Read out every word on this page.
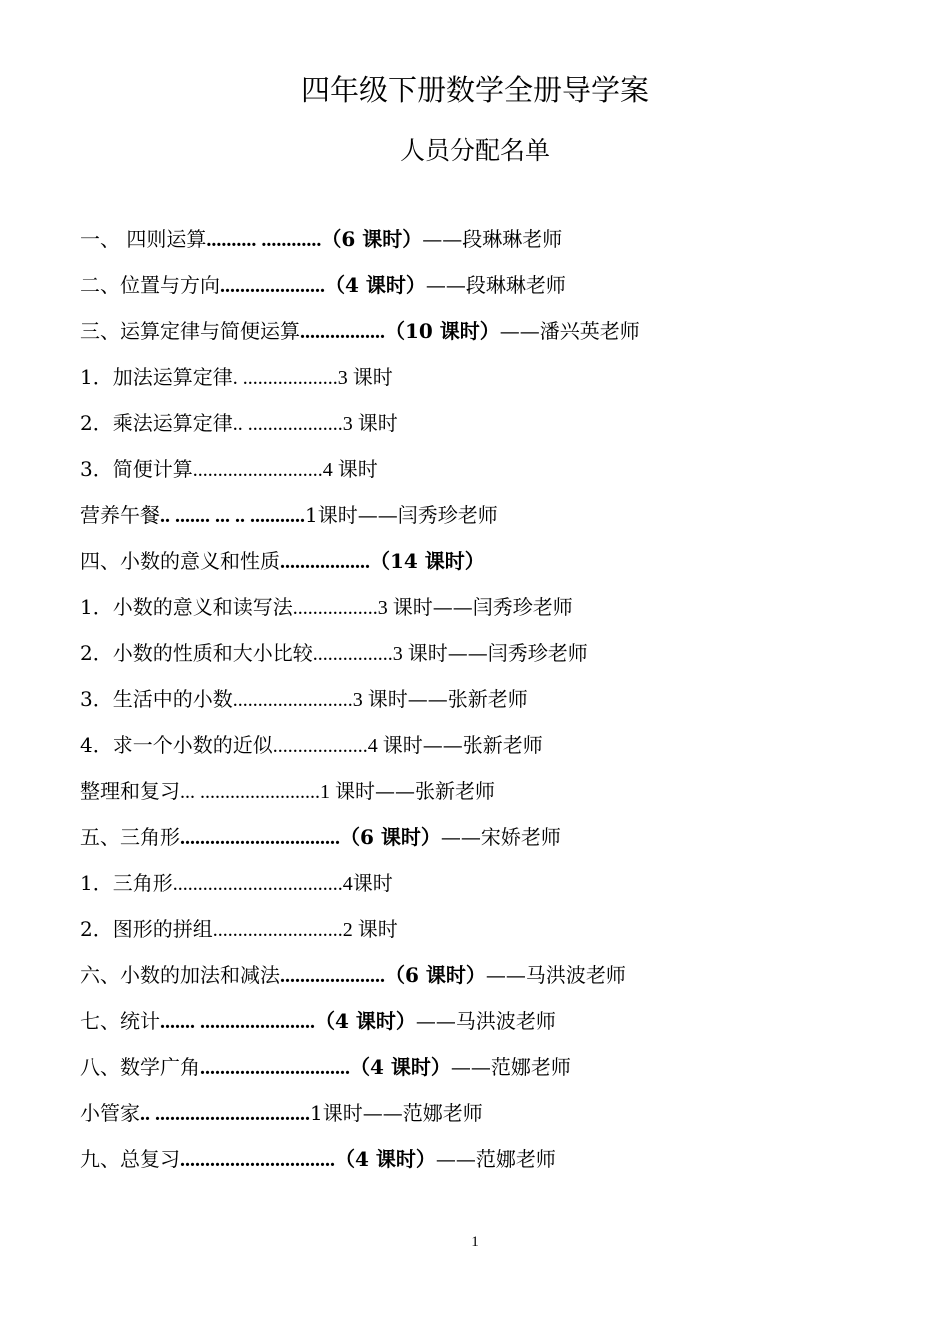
四年级下册数学全册导学案
人员分配名单
一、 四则运算.......... ............（6 课时）——段琳琳老师
二、位置与方向.....................（4 课时）——段琳琳老师
三、运算定律与简便运算.................（10 课时）——潘兴英老师
1．加法运算定律. ...................3 课时
2．乘法运算定律.. ...................3 课时
3．简便计算..........................4 课时
营养午餐.. ....... ... .. ...........1课时——闫秀珍老师
四、小数的意义和性质..................（14 课时）
1．小数的意义和读写法.................3 课时——闫秀珍老师
2．小数的性质和大小比较................3 课时——闫秀珍老师
3．生活中的小数........................3 课时——张新老师
4．求一个小数的近似...................4 课时——张新老师
整理和复习... ........................1 课时——张新老师
五、三角形................................（6 课时）——宋娇老师
1．三角形..................................4课时
2．图形的拼组..........................2 课时
六、小数的加法和减法.....................（6 课时）——马洪波老师
七、统计....... .......................（4 课时）——马洪波老师
八、数学广角..............................（4 课时）——范娜老师
小管家.. ...............................1课时——范娜老师
九、总复习...............................（4 课时）——范娜老师
1
